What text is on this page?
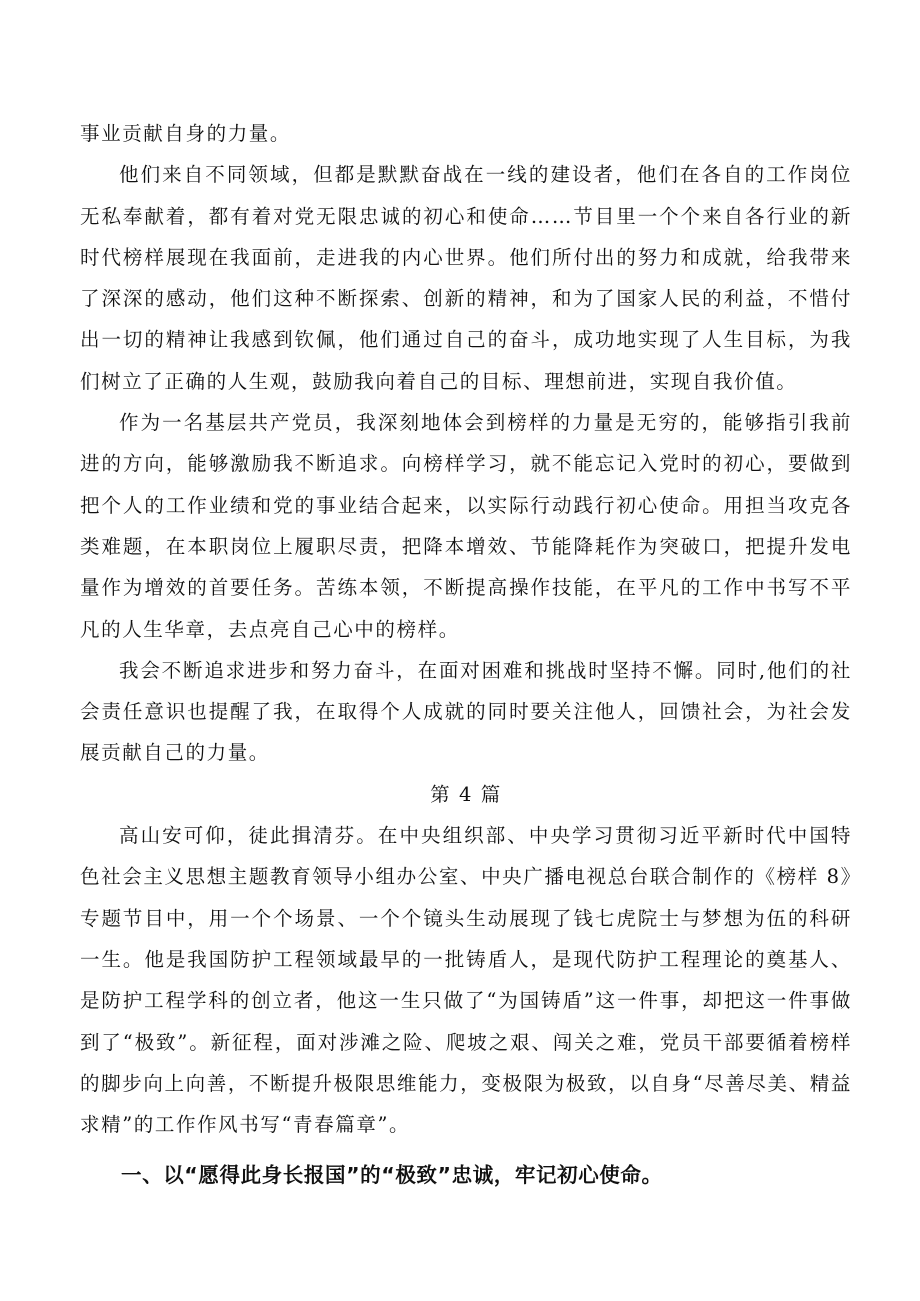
事业贡献自身的力量。

他们来自不同领域，但都是默默奋战在一线的建设者，他们在各自的工作岗位无私奉献着，都有着对党无限忠诚的初心和使命……节目里一个个来自各行业的新时代榜样展现在我面前，走进我的内心世界。他们所付出的努力和成就，给我带来了深深的感动，他们这种不断探索、创新的精神，和为了国家人民的利益，不惜付出一切的精神让我感到钦佩，他们通过自己的奋斗，成功地实现了人生目标，为我们树立了正确的人生观，鼓励我向着自己的目标、理想前进，实现自我价值。

作为一名基层共产党员，我深刻地体会到榜样的力量是无穷的，能够指引我前进的方向，能够激励我不断追求。向榜样学习，就不能忘记入党时的初心，要做到把个人的工作业绩和党的事业结合起来，以实际行动践行初心使命。用担当攻克各类难题，在本职岗位上履职尽责，把降本增效、节能降耗作为突破口，把提升发电量作为增效的首要任务。苦练本领，不断提高操作技能，在平凡的工作中书写不平凡的人生华章，去点亮自己心中的榜样。

我会不断追求进步和努力奋斗，在面对困难和挑战时坚持不懈。同时,他们的社会责任意识也提醒了我，在取得个人成就的同时要关注他人，回馈社会，为社会发展贡献自己的力量。

第 4 篇

高山安可仰，徒此揖清芬。在中央组织部、中央学习贯彻习近平新时代中国特色社会主义思想主题教育领导小组办公室、中央广播电视总台联合制作的《榜样 8》专题节目中，用一个个场景、一个个镜头生动展现了钱七虎院士与梦想为伍的科研一生。他是我国防护工程领域最早的一批铸盾人，是现代防护工程理论的奠基人、是防护工程学科的创立者，他这一生只做了“为国铸盾”这一件事，却把这一件事做到了“极致”。新征程，面对涉滩之险、爬坡之艰、闯关之难，党员干部要循着榜样的脚步向上向善，不断提升极限思维能力，变极限为极致，以自身“尽善尽美、精益求精”的工作作风书写“青春篇章”。

一、以“愿得此身长报国”的“极致”忠诚，牢记初心使命。
